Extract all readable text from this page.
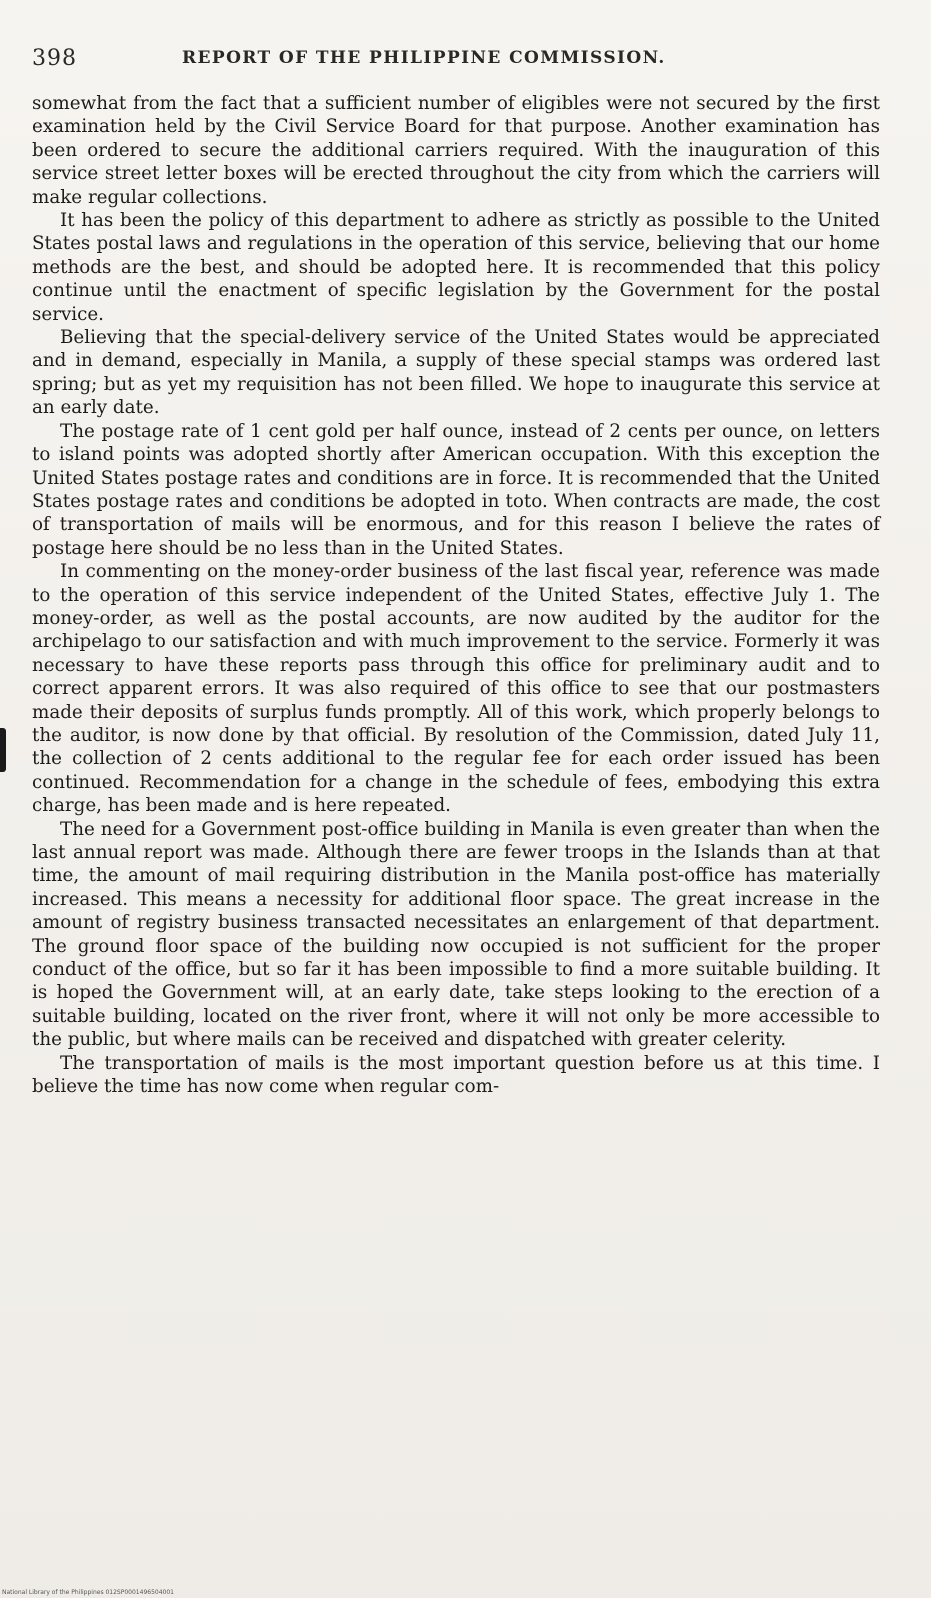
398	REPORT OF THE PHILIPPINE COMMISSION.

somewhat from the fact that a sufficient number of eligibles were not secured by the first examination held by the Civil Service Board for that purpose. Another examination has been ordered to secure the additional carriers required. With the inauguration of this service street letter boxes will be erected throughout the city from which the carriers will make regular collections.

It has been the policy of this department to adhere as strictly as possible to the United States postal laws and regulations in the operation of this service, believing that our home methods are the best, and should be adopted here. It is recommended that this policy continue until the enactment of specific legislation by the Government for the postal service.

Believing that the special-delivery service of the United States would be appreciated and in demand, especially in Manila, a supply of these special stamps was ordered last spring; but as yet my requisition has not been filled. We hope to inaugurate this service at an early date.

The postage rate of 1 cent gold per half ounce, instead of 2 cents per ounce, on letters to island points was adopted shortly after American occupation. With this exception the United States postage rates and conditions are in force. It is recommended that the United States postage rates and conditions be adopted in toto. When contracts are made, the cost of transportation of mails will be enormous, and for this reason I believe the rates of postage here should be no less than in the United States.

In commenting on the money-order business of the last fiscal year, reference was made to the operation of this service independent of the United States, effective July 1. The money-order, as well as the postal accounts, are now audited by the auditor for the archipelago to our satisfaction and with much improvement to the service. Formerly it was necessary to have these reports pass through this office for preliminary audit and to correct apparent errors. It was also required of this office to see that our postmasters made their deposits of surplus funds promptly. All of this work, which properly belongs to the auditor, is now done by that official. By resolution of the Commission, dated July 11, the collection of 2 cents additional to the regular fee for each order issued has been continued. Recommendation for a change in the schedule of fees, embodying this extra charge, has been made and is here repeated.

The need for a Government post-office building in Manila is even greater than when the last annual report was made. Although there are fewer troops in the Islands than at that time, the amount of mail requiring distribution in the Manila post-office has materially increased. This means a necessity for additional floor space. The great increase in the amount of registry business transacted necessitates an enlargement of that department. The ground floor space of the building now occupied is not sufficient for the proper conduct of the office, but so far it has been impossible to find a more suitable building. It is hoped the Government will, at an early date, take steps looking to the erection of a suitable building, located on the river front, where it will not only be more accessible to the public, but where mails can be received and dispatched with greater celerity.

The transportation of mails is the most important question before us at this time. I believe the time has now come when regular com-

National Library of the Philippines 012SP0001496504001
